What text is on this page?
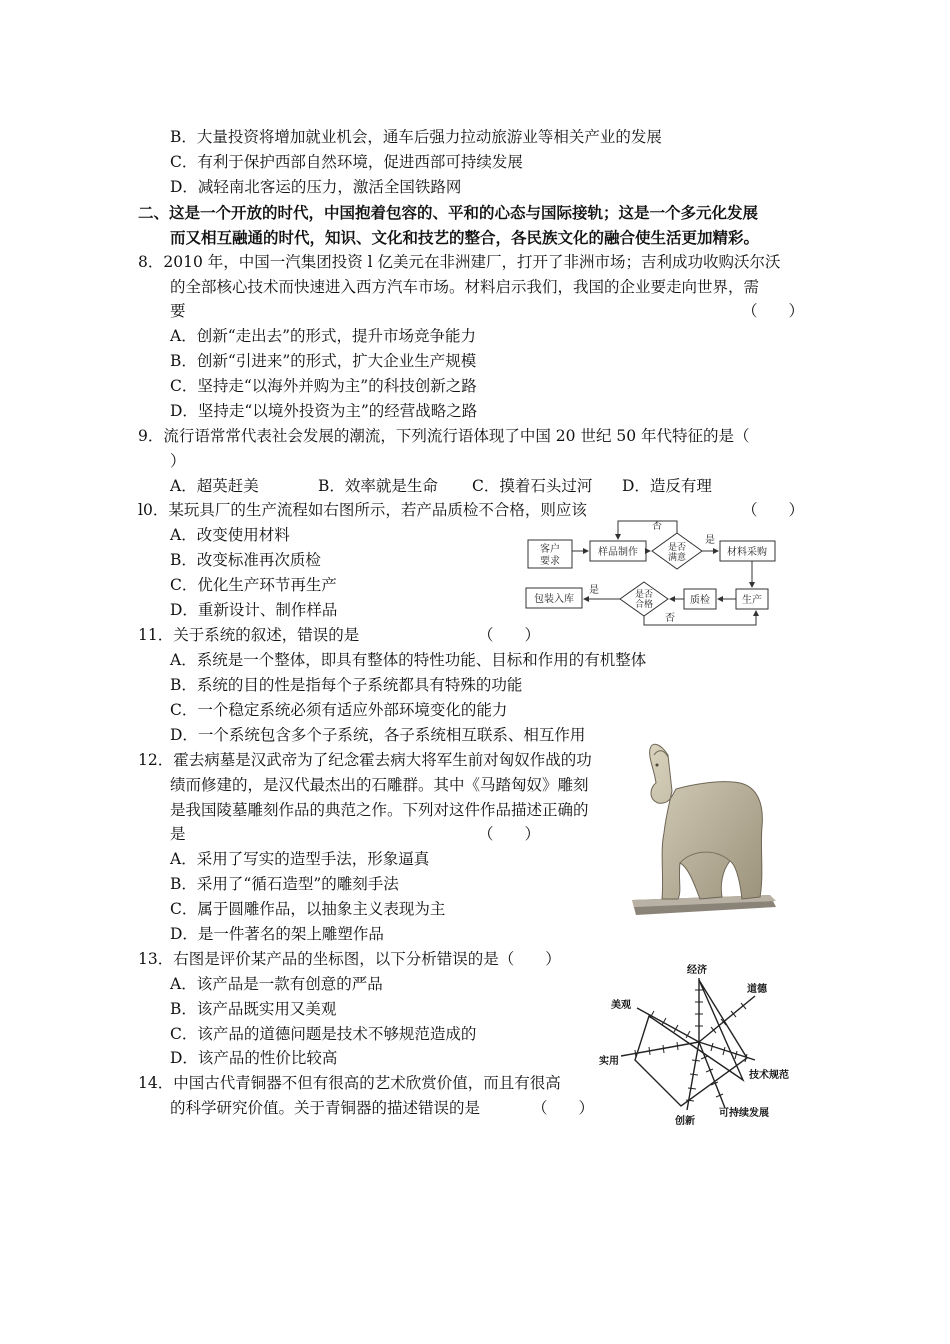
B．大量投资将增加就业机会，通车后强力拉动旅游业等相关产业的发展
C．有利于保护西部自然环境，促进西部可持续发展
D．减轻南北客运的压力，激活全国铁路网
二、这是一个开放的时代，中国抱着包容的、平和的心态与国际接轨；这是一个多元化发展
而又相互融通的时代，知识、文化和技艺的整合，各民族文化的融合使生活更加精彩。
8．2010 年，中国一汽集团投资 l 亿美元在非洲建厂，打开了非洲市场；吉利成功收购沃尔沃
的全部核心技术而快速进入西方汽车市场。材料启示我们，我国的企业要走向世界，需
要	（　　）
A．创新“走出去”的形式，提升市场竞争能力
B．创新“引进来”的形式，扩大企业生产规模
C．坚持走“以海外并购为主”的科技创新之路
D．坚持走“以境外投资为主”的经营战略之路
9．流行语常常代表社会发展的潮流，下列流行语体现了中国 20 世纪 50 年代特征的是（
）
A．超英赶美	B．效率就是生命 C．摸着石头过河 D．造反有理
l0．某玩具厂的生产流程如右图所示，若产品质检不合格，则应该	（　　）
A．改变使用材料
B．改变标准再次质检
C．优化生产环节再生产
D．重新设计、制作样品
客户
要求
样品制作	是否
满意	材料采购
生产
质检
是否
合格
包装入库
是
否
是
否
11．关于系统的叙述，错误的是	（　　）
A．系统是一个整体，即具有整体的特性功能、目标和作用的有机整体
B．系统的目的性是指每个子系统都具有特殊的功能
C．一个稳定系统必须有适应外部环境变化的能力
D．一个系统包含多个子系统，各子系统相互联系、相互作用
12．霍去病墓是汉武帝为了纪念霍去病大将军生前对匈奴作战的功
绩而修建的，是汉代最杰出的石雕群。其中《马踏匈奴》雕刻
是我国陵墓雕刻作品的典范之作。下列对这件作品描述正确的
是	（　　）
A．采用了写实的造型手法，形象逼真
B．采用了“循石造型”的雕刻手法
C．属于圆雕作品，以抽象主义表现为主
D．是一件著名的架上雕塑作品
13．右图是评价某产品的坐标图，以下分析错误的是（　　）
A．该产品是一款有创意的严品
B．该产品既实用又美观
C．该产品的道德问题是技术不够规范造成的
D．该产品的性价比较高
经济
道德
美观
实用
技术规范
创新
可持续发展
14．中国古代青铜器不但有很高的艺术欣赏价值，而且有很高
的科学研究价值。关于青铜器的描述错误的是	（　　）
